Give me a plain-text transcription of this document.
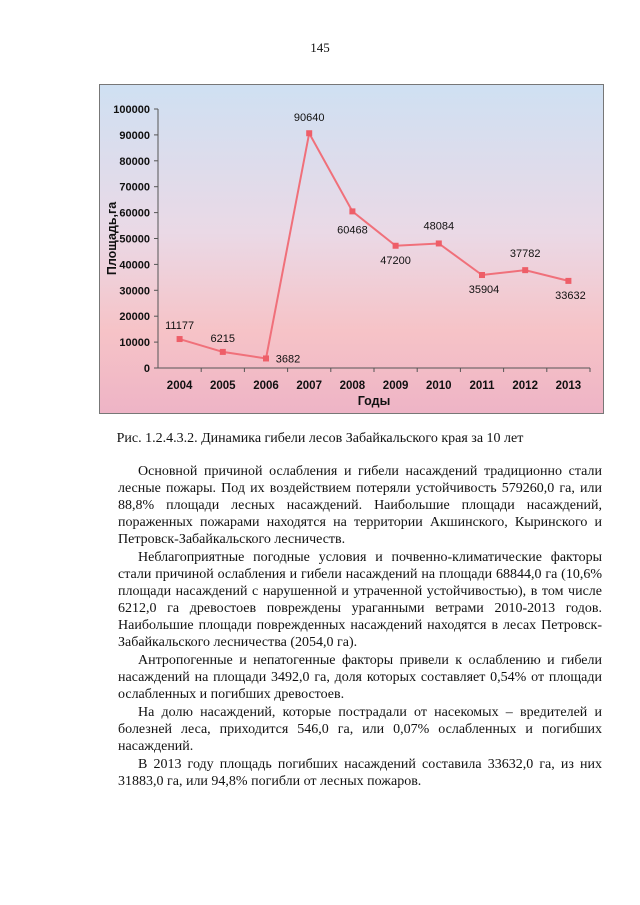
145
0
10000
20000
30000
40000
50000
60000
70000
80000
90000
100000
2004 2005 2006 2007 2008 2009 2010 2011 2012 2013
Годы
Площадь,га
11177
6215
3682
90640
60468
47200
48084
35904
37782
33632
Рис. 1.2.4.3.2. Динамика гибели лесов Забайкальского края за 10 лет

Основной причиной ослабления и гибели насаждений традиционно стали лесные пожары. Под их воздействием потеряли устойчивость 579260,0 га, или 88,8% площади лесных насаждений. Наибольшие площади насаждений, пораженных пожарами находятся на территории Акшинского, Кыринского и Петровск-Забайкальского лесничеств.

Неблагоприятные погодные условия и почвенно-климатические факторы стали причиной ослабления и гибели насаждений на площади 68844,0 га (10,6% площади насаждений с нарушенной и утраченной устойчивостью), в том числе 6212,0 га древостоев повреждены ураганными ветрами 2010-2013 годов. Наибольшие площади поврежденных насаждений находятся в лесах Петровск-Забайкальского лесничества (2054,0 га).

Антропогенные и непатогенные факторы привели к ослаблению и гибели насаждений на площади 3492,0 га, доля которых составляет 0,54% от площади ослабленных и погибших древостоев.

На долю насаждений, которые пострадали от насекомых – вредителей и болезней леса, приходится 546,0 га, или 0,07% ослабленных и погибших насаждений.

В 2013 году площадь погибших насаждений составила 33632,0 га, из них 31883,0 га, или 94,8% погибли от лесных пожаров.
